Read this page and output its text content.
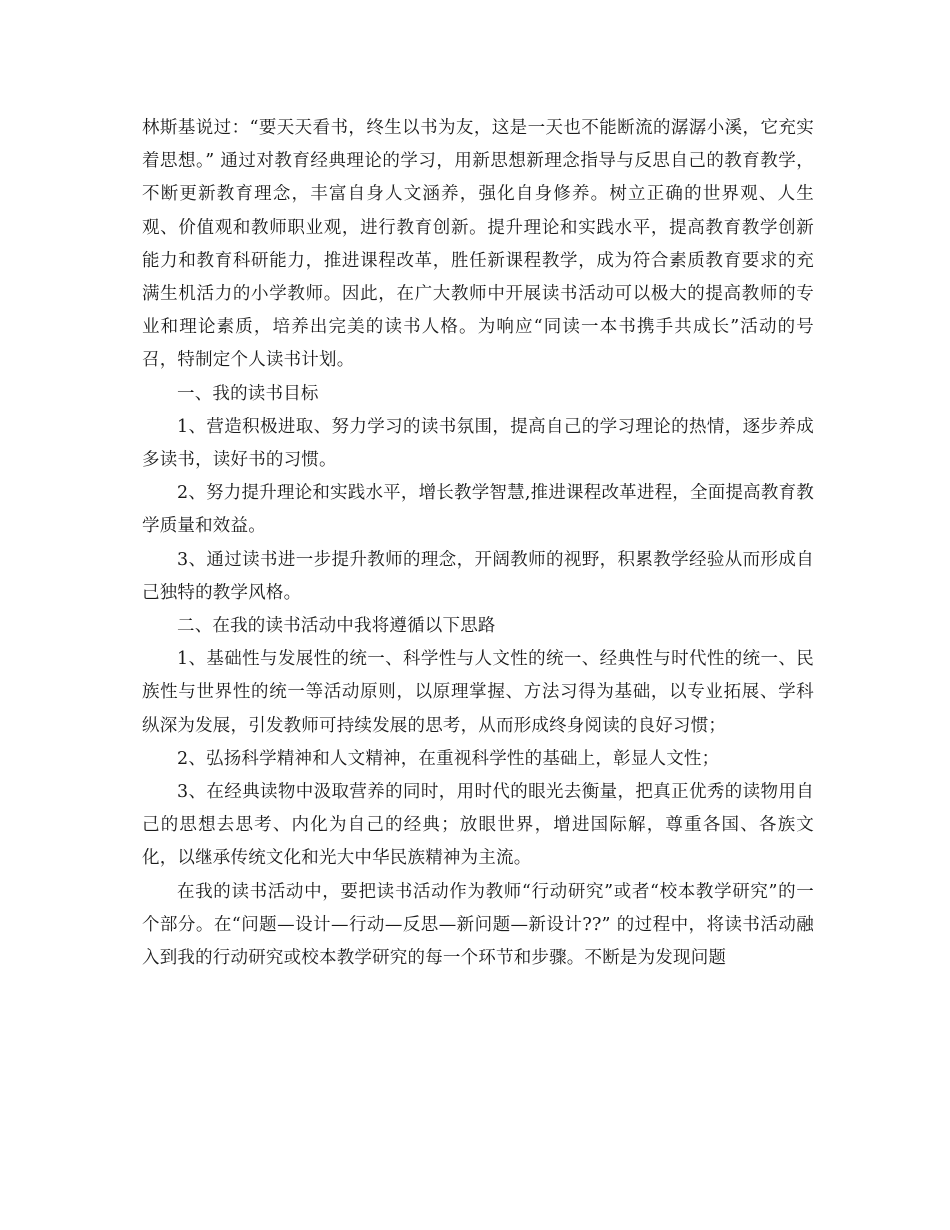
林斯基说过：“要天天看书，终生以书为友，这是一天也不能断流的潺潺小溪，它充实着思想。” 通过对教育经典理论的学习，用新思想新理念指导与反思自己的教育教学，不断更新教育理念，丰富自身人文涵养，强化自身修养。树立正确的世界观、人生观、价值观和教师职业观，进行教育创新。提升理论和实践水平，提高教育教学创新能力和教育科研能力，推进课程改革，胜任新课程教学，成为符合素质教育要求的充满生机活力的小学教师。因此，在广大教师中开展读书活动可以极大的提高教师的专业和理论素质，培养出完美的读书人格。为响应“同读一本书携手共成长”活动的号召，特制定个人读书计划。

一、我的读书目标

1、营造积极进取、努力学习的读书氛围，提高自己的学习理论的热情，逐步养成多读书，读好书的习惯。

2、努力提升理论和实践水平，增长教学智慧,推进课程改革进程，全面提高教育教学质量和效益。

3、通过读书进一步提升教师的理念，开阔教师的视野，积累教学经验从而形成自己独特的教学风格。

二、在我的读书活动中我将遵循以下思路

1、基础性与发展性的统一、科学性与人文性的统一、经典性与时代性的统一、民族性与世界性的统一等活动原则，以原理掌握、方法习得为基础，以专业拓展、学科纵深为发展，引发教师可持续发展的思考，从而形成终身阅读的良好习惯；

2、弘扬科学精神和人文精神，在重视科学性的基础上，彰显人文性；

3、在经典读物中汲取营养的同时，用时代的眼光去衡量，把真正优秀的读物用自己的思想去思考、内化为自己的经典；放眼世界，增进国际解，尊重各国、各族文化，以继承传统文化和光大中华民族精神为主流。

在我的读书活动中，要把读书活动作为教师“行动研究”或者“校本教学研究”的一个部分。在“问题—设计—行动—反思—新问题—新设计??” 的过程中，将读书活动融入到我的行动研究或校本教学研究的每一个环节和步骤。不断是为发现问题
